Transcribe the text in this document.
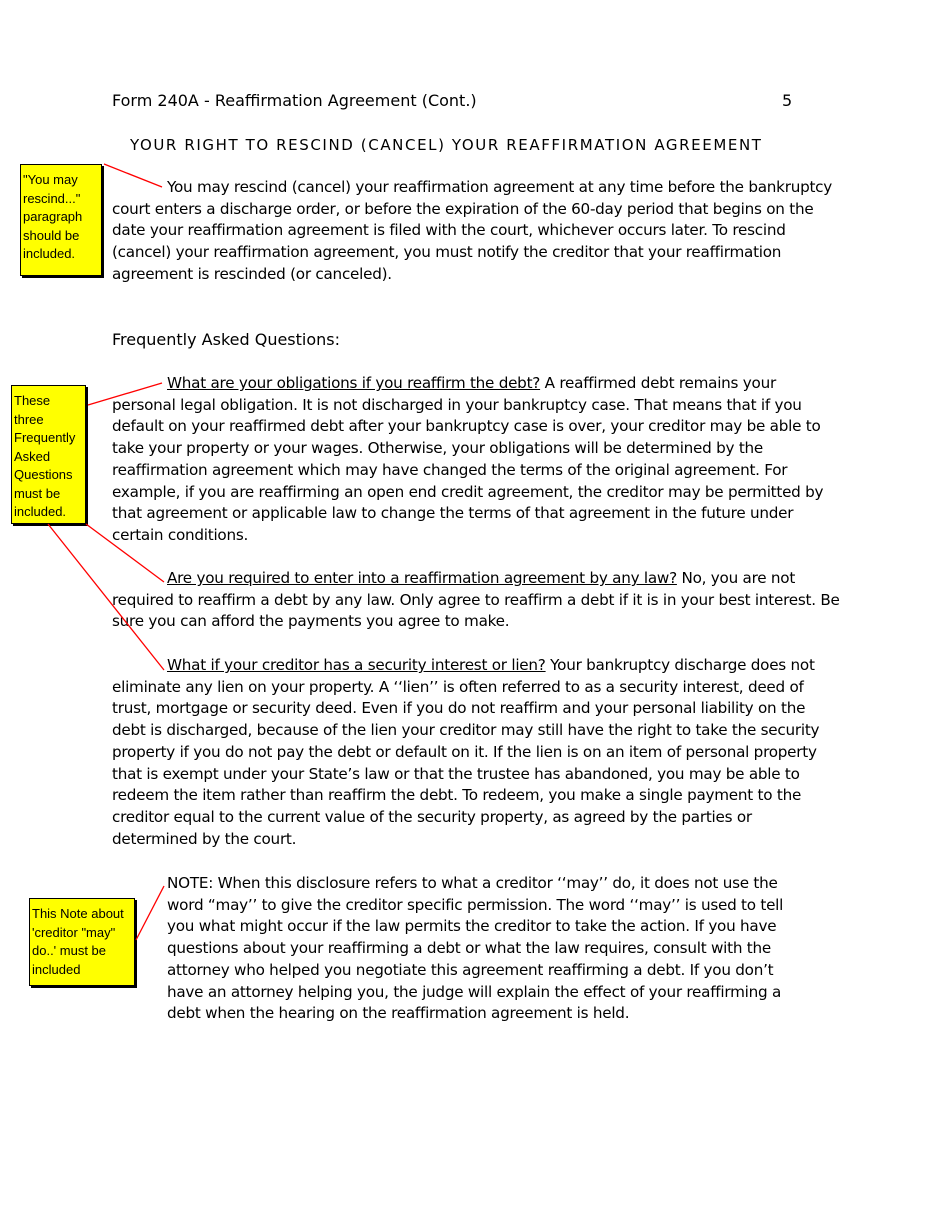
Form 240A - Reaffirmation Agreement (Cont.)	5
YOUR RIGHT TO RESCIND (CANCEL) YOUR REAFFIRMATION AGREEMENT
You may rescind (cancel) your reaffirmation agreement at any time before the bankruptcy court enters a discharge order, or before the expiration of the 60-day period that begins on the date your reaffirmation agreement is filed with the court, whichever occurs later. To rescind (cancel) your reaffirmation agreement, you must notify the creditor that your reaffirmation agreement is rescinded (or canceled).
Frequently Asked Questions:
What are your obligations if you reaffirm the debt? A reaffirmed debt remains your personal legal obligation. It is not discharged in your bankruptcy case. That means that if you default on your reaffirmed debt after your bankruptcy case is over, your creditor may be able to take your property or your wages. Otherwise, your obligations will be determined by the reaffirmation agreement which may have changed the terms of the original agreement. For example, if you are reaffirming an open end credit agreement, the creditor may be permitted by that agreement or applicable law to change the terms of that agreement in the future under certain conditions.
Are you required to enter into a reaffirmation agreement by any law? No, you are not required to reaffirm a debt by any law. Only agree to reaffirm a debt if it is in your best interest. Be sure you can afford the payments you agree to make.
What if your creditor has a security interest or lien? Your bankruptcy discharge does not eliminate any lien on your property. A ‘‘lien’’ is often referred to as a security interest, deed of trust, mortgage or security deed. Even if you do not reaffirm and your personal liability on the debt is discharged, because of the lien your creditor may still have the right to take the security property if you do not pay the debt or default on it. If the lien is on an item of personal property that is exempt under your State’s law or that the trustee has abandoned, you may be able to redeem the item rather than reaffirm the debt. To redeem, you make a single payment to the creditor equal to the current value of the security property, as agreed by the parties or determined by the court.
NOTE: When this disclosure refers to what a creditor ‘‘may’’ do, it does not use the word “may’’ to give the creditor specific permission. The word ‘‘may’’ is used to tell you what might occur if the law permits the creditor to take the action. If you have questions about your reaffirming a debt or what the law requires, consult with the attorney who helped you negotiate this agreement reaffirming a debt. If you don’t have an attorney helping you, the judge will explain the effect of your reaffirming a debt when the hearing on the reaffirmation agreement is held.
"You may rescind..." paragraph should be included.
These three Frequently Asked Questions must be included.
This Note about 'creditor "may" do..' must be included
